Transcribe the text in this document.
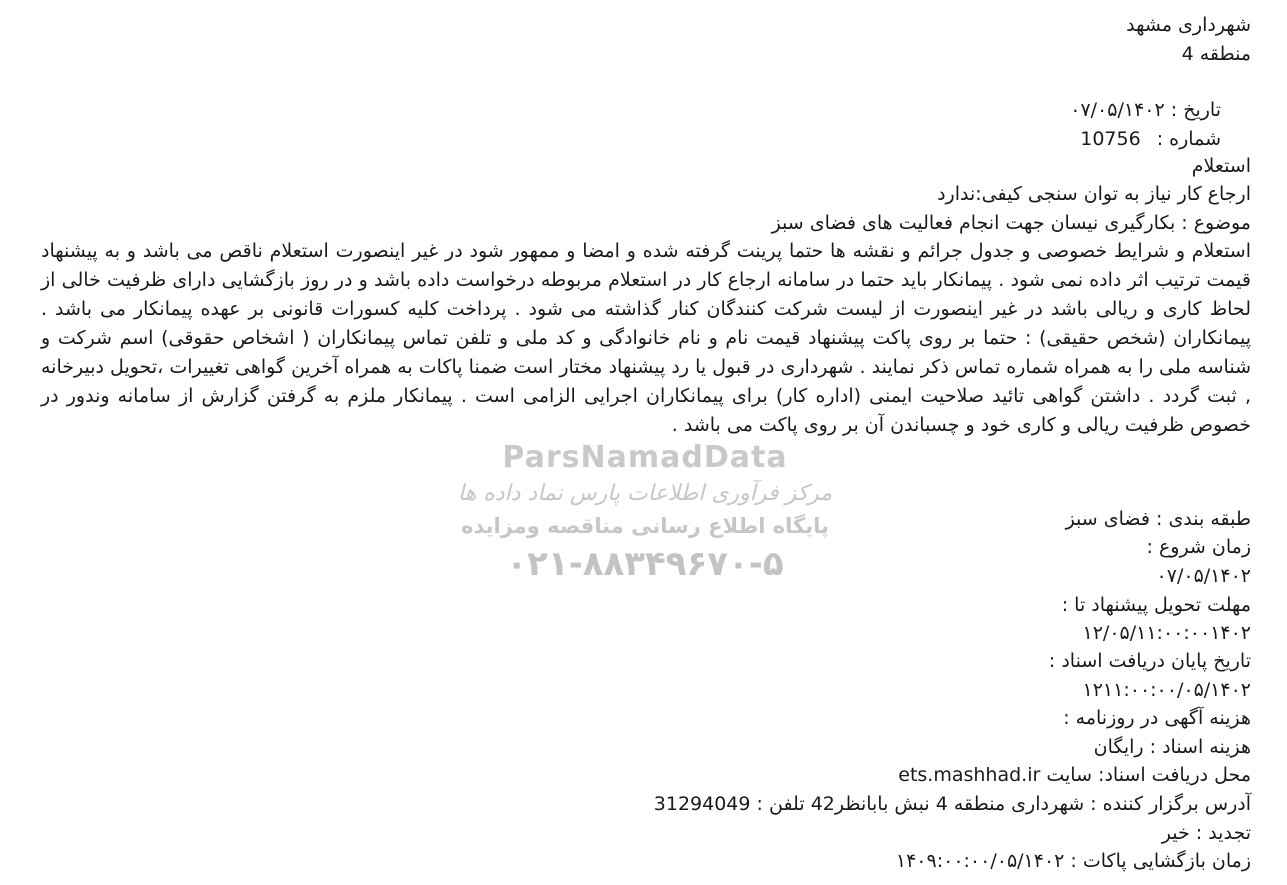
شهرداری مشهد
منطقه 4
تاریخ : ۰۷/۰۵/۱۴۰۲
شماره : 10756
استعلام
ارجاع کار نیاز به توان سنجی کیفی:ندارد
موضوع : بکارگیری نیسان جهت انجام فعالیت های فضای سبز
استعلام و شرایط خصوصی و جدول جرائم و نقشه ها حتما پرینت گرفته شده و امضا و ممهور شود در غیر اینصورت استعلام ناقص می باشد و به پیشنهاد قیمت ترتیب اثر داده نمی شود . پیمانکار باید حتما در سامانه ارجاع کار در استعلام مربوطه درخواست داده باشد و در روز بازگشایی دارای ظرفیت خالی از لحاظ کاری و ریالی باشد در غیر اینصورت از لیست شرکت کنندگان کنار گذاشته می شود . پرداخت کلیه کسورات قانونی بر عهده پیمانکار می باشد . پیمانکاران (شخص حقیقی) : حتما بر روی پاکت پیشنهاد قیمت نام و نام خانوادگی و کد ملی و تلفن تماس پیمانکاران ( اشخاص حقوقی) اسم شرکت و شناسه ملی را به همراه شماره تماس ذکر نمایند . شهرداری در قبول یا رد پیشنهاد مختار است ضمنا پاکات به همراه آخرین گواهی تغییرات ،تحویل دبیرخانه , ثبت گردد . داشتن گواهی تائید صلاحیت ایمنی (اداره کار) برای پیمانکاران اجرایی الزامی است . پیمانکار ملزم به گرفتن گزارش از سامانه وندور در خصوص ظرفیت ریالی و کاری خود و چسباندن آن بر روی پاکت می باشد .
طبقه بندی : فضای سبز
زمان شروع :
۰۷/۰۵/۱۴۰۲
مهلت تحویل پیشنهاد تا :
۱۲/۰۵/۱۱:۰۰:۰۰۱۴۰۲
تاریخ پایان دریافت اسناد :
۱۲۱۱:۰۰:۰۰/۰۵/۱۴۰۲
هزینه آگهی در روزنامه :
هزینه اسناد : رایگان
محل دریافت اسناد: سایت ets.mashhad.ir
آدرس برگزار کننده : شهرداری منطقه 4 نبش بابانظر42 تلفن : 31294049
تجدید : خیر
زمان بازگشایی پاکات : ۱۴۰۹:۰۰:۰۰/۰۵/۱۴۰۲
ParsNamadData
مرکز فرآوری اطلاعات پارس نماد داده ها
پایگاه اطلاع رسانی مناقصه ومزایده
۰۲۱-۸۸۳۴۹۶۷۰-۵
